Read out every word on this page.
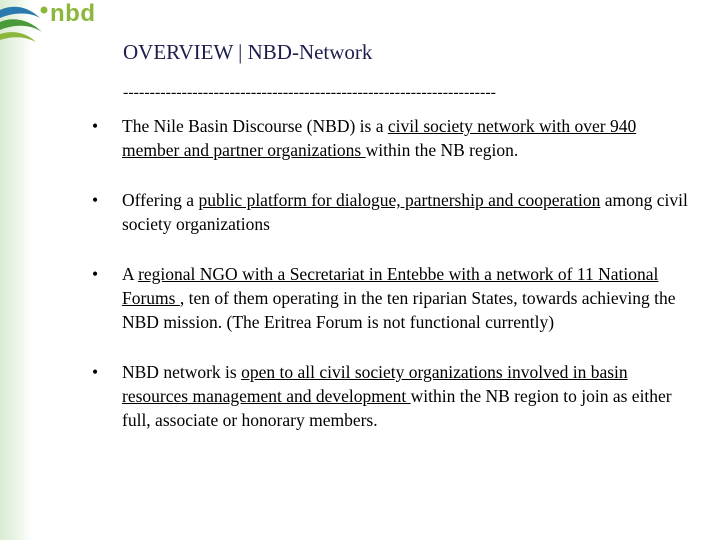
nbd
OVERVIEW | NBD-Network
----------------------------------------------------------------------
•	The Nile Basin Discourse (NBD) is a civil society network with over 940 member and partner organizations within the NB region.
•	Offering a public platform for dialogue, partnership and cooperation among civil society organizations
•	A regional NGO with a Secretariat in Entebbe with a network of 11 National Forums , ten of them operating in the ten riparian States, towards achieving the NBD mission. (The Eritrea Forum is not functional currently)
•	NBD network is open to all civil society organizations involved in basin resources management and development within the NB region to join as either full, associate or honorary members.
